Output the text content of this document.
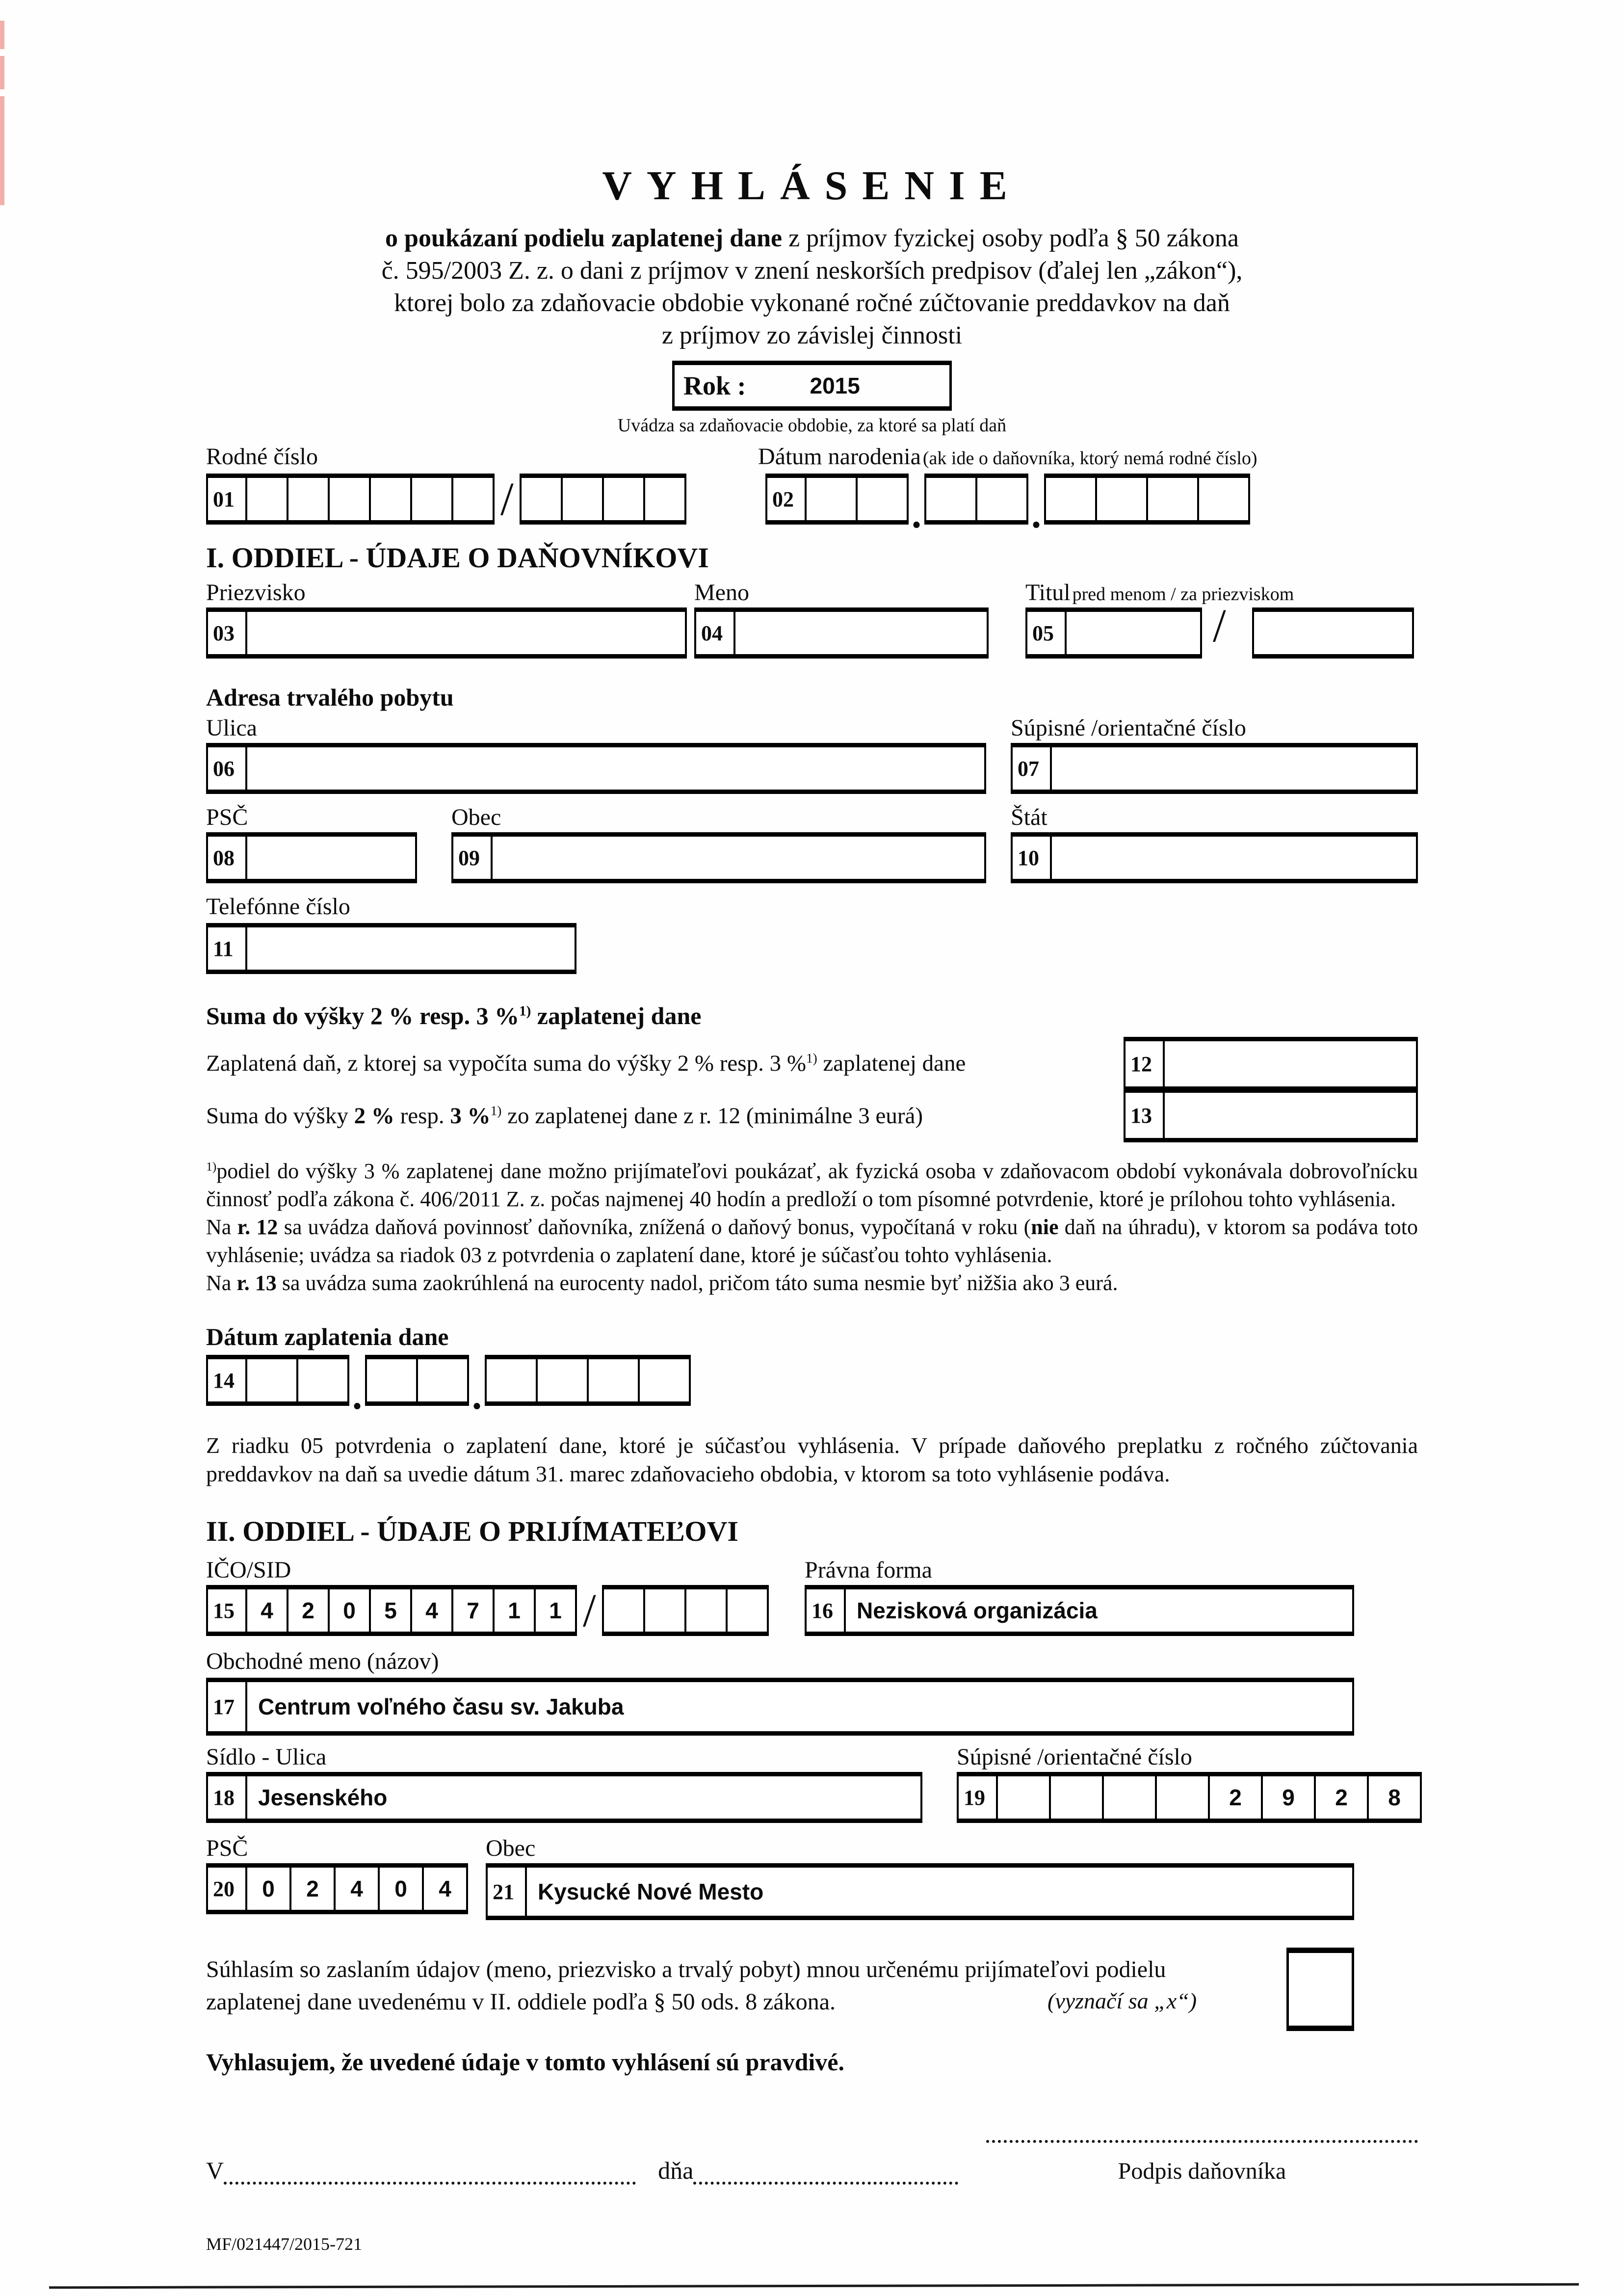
VYHLÁSENIE
o poukázaní podielu zaplatenej dane z príjmov fyzickej osoby podľa § 50 zákona
č. 595/2003 Z. z. o dani z príjmov v znení neskorších predpisov (ďalej len „zákon“),
ktorej bolo za zdaňovacie obdobie vykonané ročné zúčtovanie preddavkov na daň
z príjmov zo závislej činnosti
Rok :	2015
Uvádza sa zdaňovacie obdobie, za ktoré sa platí daň
Rodné číslo	Dátum narodenia (ak ide o daňovníka, ktorý nemá rodné číslo)
01	/	02	.	.
I. ODDIEL - ÚDAJE O DAŇOVNÍKOVI
Priezvisko	Meno	Titul pred menom / za priezviskom
03	04	05	/
Adresa trvalého pobytu
Ulica	Súpisné /orientačné číslo
06	07
PSČ	Obec	Štát
08	09	10
Telefónne číslo
11
Suma do výšky 2 % resp. 3 %$^{1)}$ zaplatenej dane
Zaplatená daň, z ktorej sa vypočíta suma do výšky 2 % resp. 3 %$^{1)}$ zaplatenej dane
Suma do výšky 2 % resp. 3 %$^{1)}$ zo zaplatenej dane z r. 12 (minimálne 3 eurá)
12
13
$^{1)}$podiel do výšky 3 % zaplatenej dane možno prijímateľovi poukázať, ak fyzická osoba v zdaňovacom období vykonávala dobrovoľnícku činnosť podľa zákona č. 406/2011 Z. z. počas najmenej 40 hodín a predloží o tom písomné potvrdenie, ktoré je prílohou tohto vyhlásenia.
Na r. 12 sa uvádza daňová povinnosť daňovníka, znížená o daňový bonus, vypočítaná v roku (nie daň na úhradu), v ktorom sa podáva toto vyhlásenie; uvádza sa riadok 03 z potvrdenia o zaplatení dane, ktoré je súčasťou tohto vyhlásenia.
Na r. 13 sa uvádza suma zaokrúhlená na eurocenty nadol, pričom táto suma nesmie byť nižšia ako 3 eurá.
Dátum zaplatenia dane
14	.	.
Z riadku 05 potvrdenia o zaplatení dane, ktoré je súčasťou vyhlásenia. V prípade daňového preplatku z ročného zúčtovania preddavkov na daň sa uvedie dátum 31. marec zdaňovacieho obdobia, v ktorom sa toto vyhlásenie podáva.
II. ODDIEL - ÚDAJE O PRIJÍMATEĽOVI
IČO/SID	Právna forma
15	4	2	0	5	4	7	1	1 /	16	Nezisková organizácia
Obchodné meno (názov)
17	Centrum voľného času sv. Jakuba
Sídlo - Ulica	Súpisné /orientačné číslo
18	Jesenského	19	2	9	2	8
PSČ	Obec
20	0	2	4	0	4	21	Kysucké Nové Mesto
Súhlasím so zaslaním údajov (meno, priezvisko a trvalý pobyt) mnou určenému prijímateľovi podielu zaplatenej dane uvedenému v II. oddiele podľa § 50 ods. 8 zákona.	(vyznačí sa „x“)
Vyhlasujem, že uvedené údaje v tomto vyhlásení sú pravdivé.
V	dňa	Podpis daňovníka
MF/021447/2015-721
